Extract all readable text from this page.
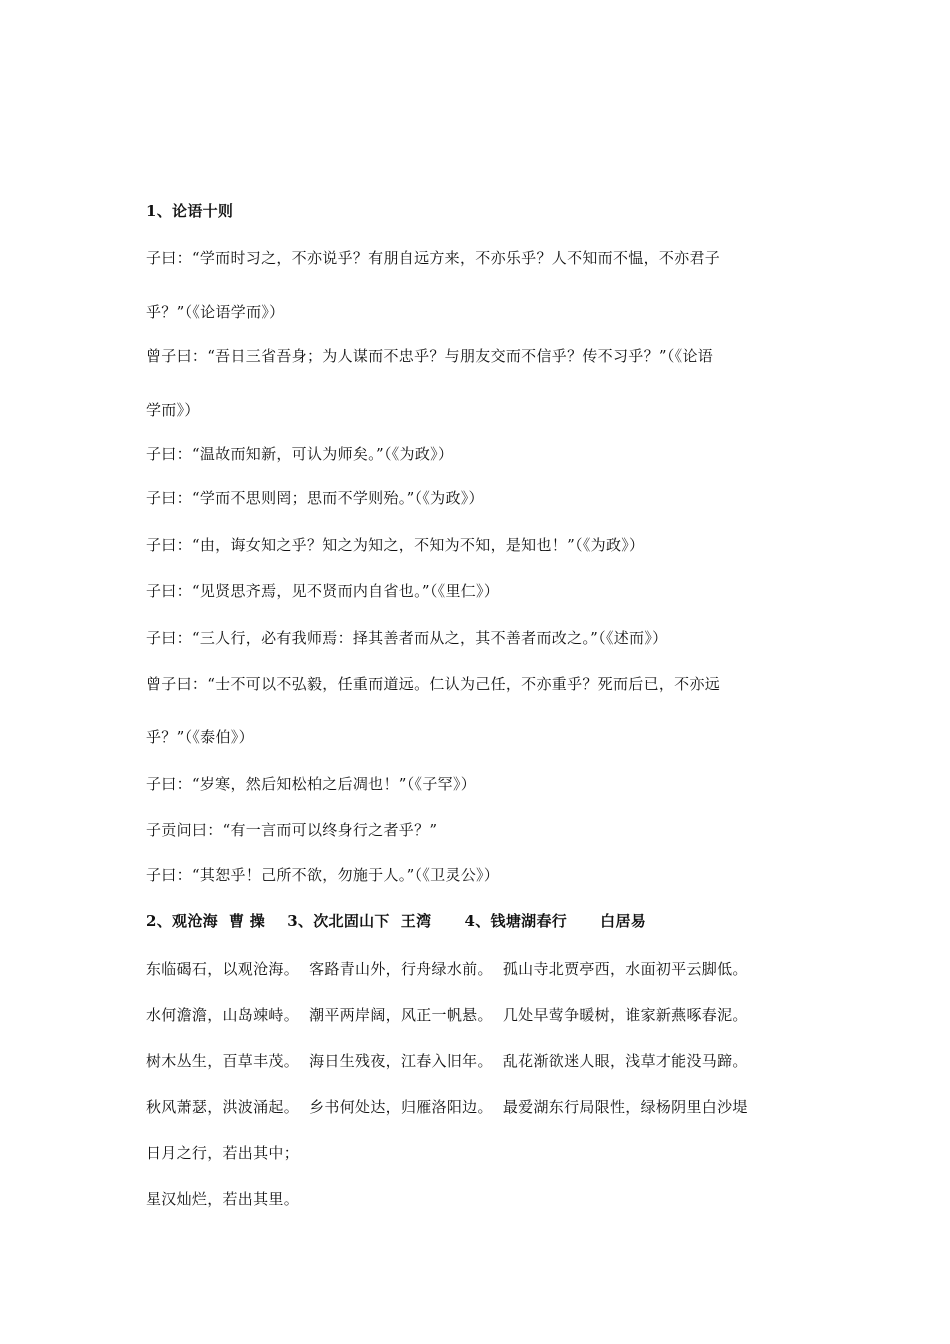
1、论语十则
子曰：“学而时习之，不亦说乎？有朋自远方来，不亦乐乎？人不知而不愠，不亦君子
乎？”（《论语学而》）
曾子曰：“吾日三省吾身；为人谋而不忠乎？与朋友交而不信乎？传不习乎？”（《论语
学而》）
子曰：“温故而知新，可认为师矣。”（《为政》）
子曰：“学而不思则罔；思而不学则殆。”（《为政》）
子曰：“由，诲女知之乎？知之为知之，不知为不知，是知也！”（《为政》）
子曰：“见贤思齐焉，见不贤而内自省也。”（《里仁》）
子曰：“三人行，必有我师焉：择其善者而从之，其不善者而改之。”（《述而》）
曾子曰：“士不可以不弘毅，任重而道远。仁认为己任，不亦重乎？死而后已，不亦远
乎？”（《泰伯》）
子曰：“岁寒，然后知松柏之后凋也！”（《子罕》）
子贡问曰：“有一言而可以终身行之者乎？”
子曰：“其恕乎！己所不欲，勿施于人。”（《卫灵公》）
2、观沧海  曹 操    3、次北固山下  王湾      4、钱塘湖春行      白居易
东临碣石，以观沧海。  客路青山外，行舟绿水前。  孤山寺北贾亭西，水面初平云脚低。
水何澹澹，山岛竦峙。  潮平两岸阔，风正一帆悬。  几处早莺争暖树，谁家新燕啄春泥。
树木丛生，百草丰茂。  海日生残夜，江春入旧年。  乱花渐欲迷人眼，浅草才能没马蹄。
秋风萧瑟，洪波涌起。  乡书何处达，归雁洛阳边。  最爱湖东行局限性，绿杨阴里白沙堤
日月之行，若出其中；
星汉灿烂，若出其里。
